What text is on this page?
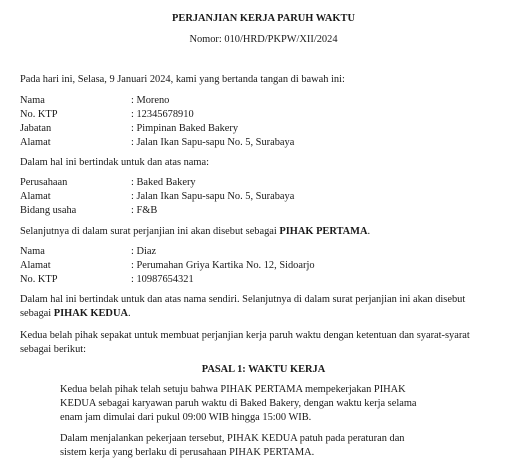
PERJANJIAN KERJA PARUH WAKTU
Nomor: 010/HRD/PKPW/XII/2024
Pada hari ini, Selasa, 9 Januari 2024, kami yang bertanda tangan di bawah ini:
Nama	: Moreno
No. KTP	: 12345678910
Jabatan	: Pimpinan Baked Bakery
Alamat	: Jalan Ikan Sapu-sapu No. 5, Surabaya
Dalam hal ini bertindak untuk dan atas nama:
Perusahaan	: Baked Bakery
Alamat	: Jalan Ikan Sapu-sapu No. 5, Surabaya
Bidang usaha	: F&B
Selanjutnya di dalam surat perjanjian ini akan disebut sebagai PIHAK PERTAMA.
Nama	: Diaz
Alamat	: Perumahan Griya Kartika No. 12, Sidoarjo
No. KTP	: 10987654321
Dalam hal ini bertindak untuk dan atas nama sendiri. Selanjutnya di dalam surat perjanjian ini akan disebut
sebagai PIHAK KEDUA.
Kedua belah pihak sepakat untuk membuat perjanjian kerja paruh waktu dengan ketentuan dan syarat-syarat
sebagai berikut:
PASAL 1: WAKTU KERJA
Kedua belah pihak telah setuju bahwa PIHAK PERTAMA mempekerjakan PIHAK
KEDUA sebagai karyawan paruh waktu di Baked Bakery, dengan waktu kerja selama
enam jam dimulai dari pukul 09:00 WIB hingga 15:00 WIB.
Dalam menjalankan pekerjaan tersebut, PIHAK KEDUA patuh pada peraturan dan
sistem kerja yang berlaku di perusahaan PIHAK PERTAMA.
